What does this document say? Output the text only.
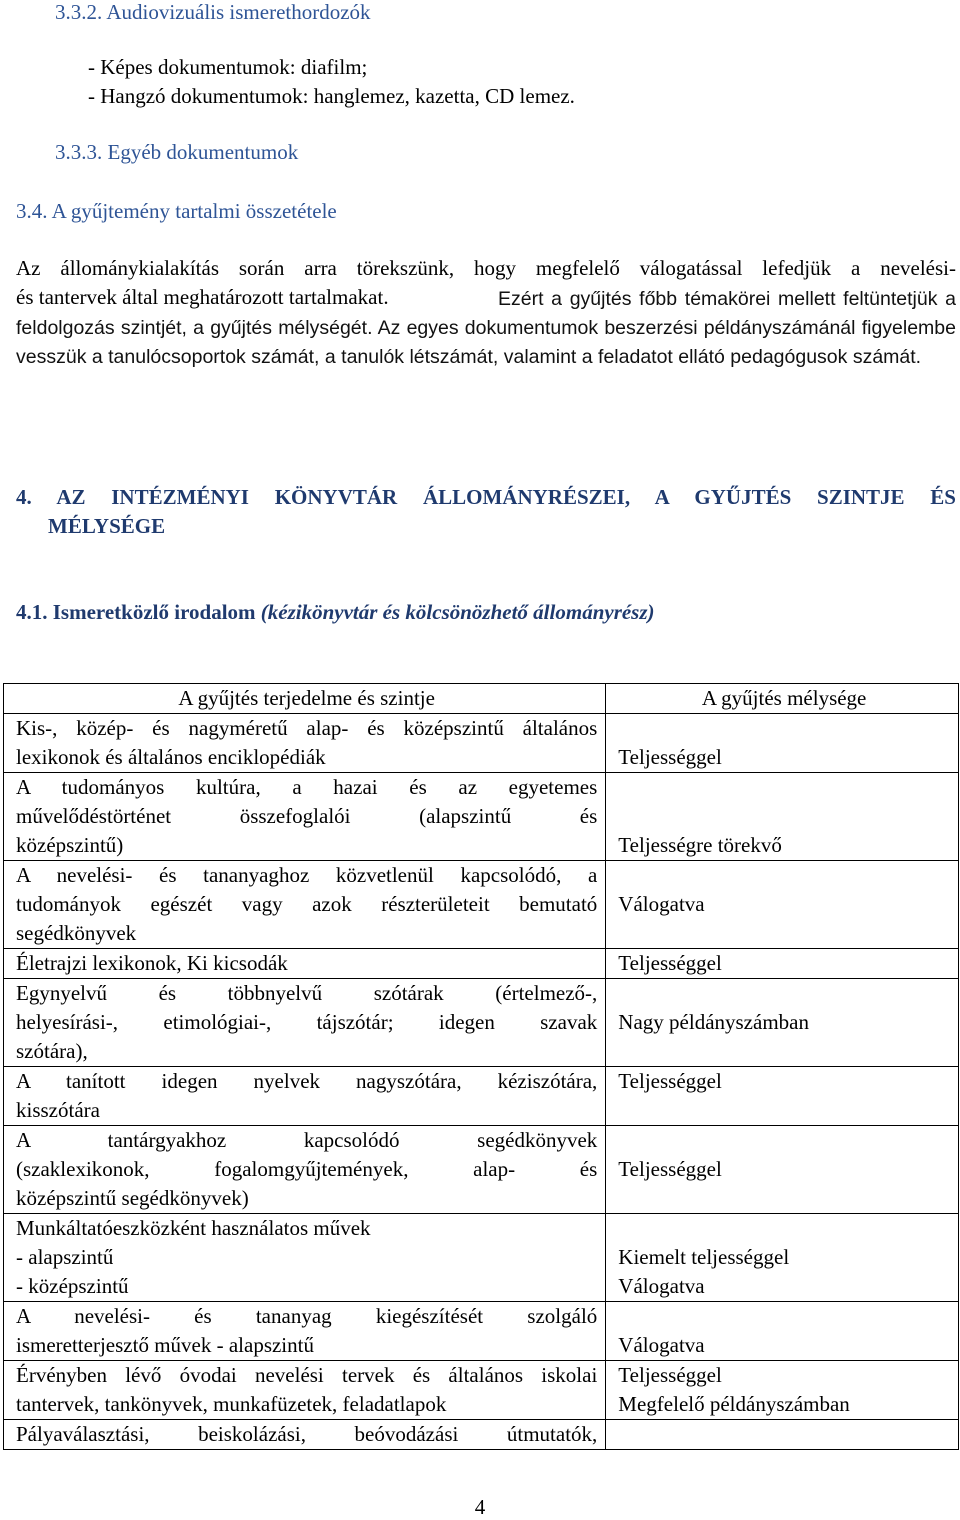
3.3.2. Audiovizuális ismerethordozók
- Képes dokumentumok: diafilm;
- Hangzó dokumentumok: hanglemez, kazetta, CD lemez.
3.3.3. Egyéb dokumentumok
3.4. A gyűjtemény tartalmi összetétele
Az állománykialakítás során arra törekszünk, hogy megfelelő válogatással lefedjük a nevelési-
és tantervek által meghatározott tartalmakat.	Ezért a gyűjtés főbb témakörei mellett feltüntetjük a feldolgozás szintjét, a gyűjtés mélységét. Az egyes dokumentumok beszerzési példányszámánál figyelembe vesszük a tanulócsoportok számát, a tanulók létszámát, valamint a feladatot ellátó pedagógusok számát.
4. AZ INTÉZMÉNYI KÖNYVTÁR ÁLLOMÁNYRÉSZEI, A GYŰJTÉS SZINTJE ÉS
MÉLYSÉGE
4.1. Ismeretközlő irodalom (kézikönyvtár és kölcsönözhető állományrész)
A gyűjtés terjedelme és szintje	A gyűjtés mélysége

Kis-, közép- és nagyméretű alap- és középszintű általános
lexikonok és általános enciklopédiák	Teljességgel

A tudományos kultúra, a hazai és az egyetemes
művelődéstörténet összefoglalói (alapszintű és
középszintű)	Teljességre törekvő

A nevelési- és tananyaghoz közvetlenül kapcsolódó, a
tudományok egészét vagy azok részterületeit bemutató
segédkönyvek	Válogatva

Életrajzi lexikonok, Ki kicsodák	Teljességgel

Egynyelvű és többnyelvű szótárak (értelmező-,
helyesírási-, etimológiai-, tájszótár; idegen szavak
szótára),	Nagy példányszámban

A tanított idegen nyelvek nagyszótára, kéziszótára,
kisszótára	Teljességgel

A tantárgyakhoz kapcsolódó segédkönyvek
(szaklexikonok, fogalomgyűjtemények, alap- és
középszintű segédkönyvek)	Teljességgel

Munkáltatóeszközként használatos művek
- alapszintű
- középszintű	Kiemelt teljességgel
Válogatva

A nevelési- és tananyag kiegészítését szolgáló
ismeretterjesztő művek - alapszintű	Válogatva

Érvényben lévő óvodai nevelési tervek és általános iskolai
tantervek, tankönyvek, munkafüzetek, feladatlapok	Teljességgel
Megfelelő példányszámban

Pályaválasztási, beiskolázási, beóvodázási útmutatók,	

4
